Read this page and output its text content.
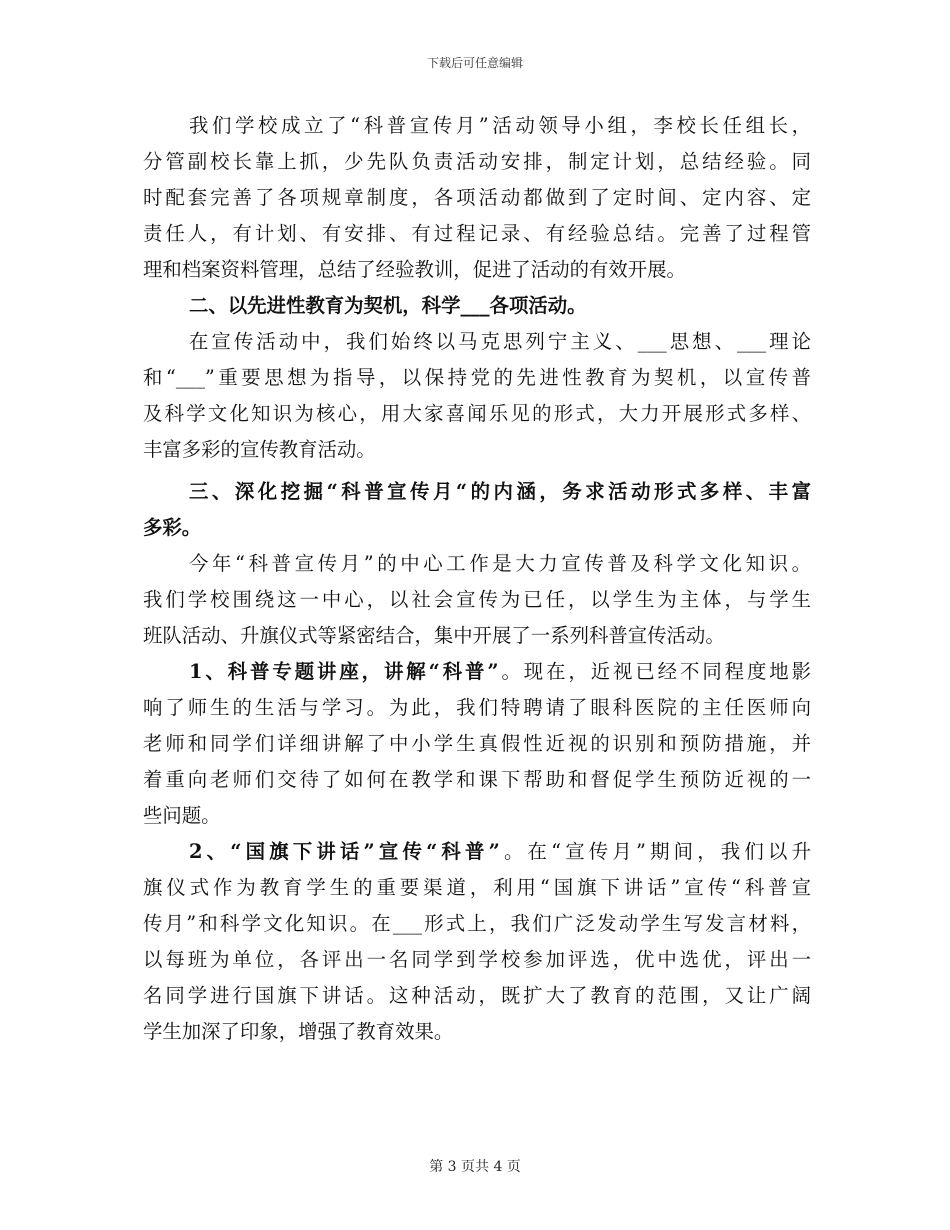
下载后可任意编辑
我们学校成立了“科普宣传月”活动领导小组，李校长任组长，
分管副校长靠上抓，少先队负责活动安排，制定计划，总结经验。同
时配套完善了各项规章制度，各项活动都做到了定时间、定内容、定
责任人，有计划、有安排、有过程记录、有经验总结。完善了过程管
理和档案资料管理，总结了经验教训，促进了活动的有效开展。
二、以先进性教育为契机，科学___各项活动。
在宣传活动中，我们始终以马克思列宁主义、___思想、___理论
和“___”重要思想为指导，以保持党的先进性教育为契机，以宣传普
及科学文化知识为核心，用大家喜闻乐见的形式，大力开展形式多样、
丰富多彩的宣传教育活动。
三、深化挖掘“科普宣传月“的内涵，务求活动形式多样、丰富
多彩。
今年“科普宣传月”的中心工作是大力宣传普及科学文化知识。
我们学校围绕这一中心，以社会宣传为已任，以学生为主体，与学生
班队活动、升旗仪式等紧密结合，集中开展了一系列科普宣传活动。
1、科普专题讲座，讲解“科普”。现在，近视已经不同程度地影
响了师生的生活与学习。为此，我们特聘请了眼科医院的主任医师向
老师和同学们详细讲解了中小学生真假性近视的识别和预防措施，并
着重向老师们交待了如何在教学和课下帮助和督促学生预防近视的一
些问题。
2、“国旗下讲话”宣传“科普”。在“宣传月”期间，我们以升
旗仪式作为教育学生的重要渠道，利用“国旗下讲话”宣传“科普宣
传月”和科学文化知识。在___形式上，我们广泛发动学生写发言材料，
以每班为单位，各评出一名同学到学校参加评选，优中选优，评出一
名同学进行国旗下讲话。这种活动，既扩大了教育的范围，又让广阔
学生加深了印象，增强了教育效果。
第 3 页共 4 页
